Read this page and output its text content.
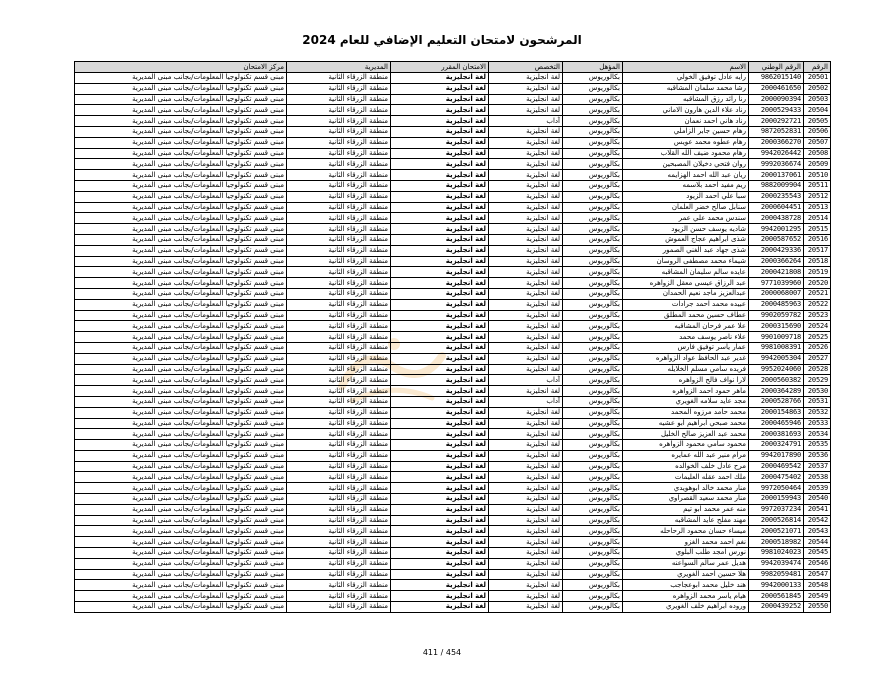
المرشحون لامتحان التعليم الإضافي للعام 2024
الرقم	الرقم الوطني	الاسم	المؤهل	التخصص	الامتحان المقرر	المديرية	مركز الامتحان
20501	9862015140	رايه عادل توفيق الخولي	بكالوريوس	لغة انجليزية	لغة انجليزية	منطقة الزرقاء الثانية	مبنى قسم تكنولوجيا المعلومات/بجانب مبنى المديرية
20502	2000461650	رشا محمد سلمان المشاقبه	بكالوريوس	لغة انجليزية	لغة انجليزية	منطقة الزرقاء الثانية	مبنى قسم تكنولوجيا المعلومات/بجانب مبنى المديرية
20503	2000090394	رنا رائد رزق المشاقبه	بكالوريوس	لغة انجليزية	لغة انجليزية	منطقة الزرقاء الثانية	مبنى قسم تكنولوجيا المعلومات/بجانب مبنى المديرية
20504	2000529433	رناد علاء الدين هارون الاماني	بكالوريوس	لغة انجليزية	لغة انجليزية	منطقة الزرقاء الثانية	مبنى قسم تكنولوجيا المعلومات/بجانب مبنى المديرية
20505	2000292721	رناد هاني احمد نعمان	بكالوريوس	آداب	لغة انجليزية	منطقة الزرقاء الثانية	مبنى قسم تكنولوجيا المعلومات/بجانب مبنى المديرية
20506	9872052831	رهام حسين جابر الزاملي	بكالوريوس	لغة انجليزية	لغة انجليزية	منطقة الزرقاء الثانية	مبنى قسم تكنولوجيا المعلومات/بجانب مبنى المديرية
20507	2000366270	رهام عطوه محمد عويس	بكالوريوس	لغة انجليزية	لغة انجليزية	منطقة الزرقاء الثانية	مبنى قسم تكنولوجيا المعلومات/بجانب مبنى المديرية
20508	9942026442	رهام محمود ضيف الله القلاب	بكالوريوس	لغة انجليزية	لغة انجليزية	منطقة الزرقاء الثانية	مبنى قسم تكنولوجيا المعلومات/بجانب مبنى المديرية
20509	9992036674	روان فتحي دخيلان المصبحين	بكالوريوس	لغة انجليزية	لغة انجليزية	منطقة الزرقاء الثانية	مبنى قسم تكنولوجيا المعلومات/بجانب مبنى المديرية
20510	2000137061	ريان عبد الله احمد الهزايمه	بكالوريوس	لغة انجليزية	لغة انجليزية	منطقة الزرقاء الثانية	مبنى قسم تكنولوجيا المعلومات/بجانب مبنى المديرية
20511	9882009904	ريم مفيد احمد بلاسمه	بكالوريوس	لغة انجليزية	لغة انجليزية	منطقة الزرقاء الثانية	مبنى قسم تكنولوجيا المعلومات/بجانب مبنى المديرية
20512	2000235543	سبا علي احمد الزيود	بكالوريوس	لغة انجليزية	لغة انجليزية	منطقة الزرقاء الثانية	مبنى قسم تكنولوجيا المعلومات/بجانب مبنى المديرية
20513	2000604451	سنابل صالح خضر العلمان	بكالوريوس	لغة انجليزية	لغة انجليزية	منطقة الزرقاء الثانية	مبنى قسم تكنولوجيا المعلومات/بجانب مبنى المديرية
20514	2000438728	سندس محمد علي عمر	بكالوريوس	لغة انجليزية	لغة انجليزية	منطقة الزرقاء الثانية	مبنى قسم تكنولوجيا المعلومات/بجانب مبنى المديرية
20515	9942001295	شاديه يوسف حسن الزيود	بكالوريوس	لغة انجليزية	لغة انجليزية	منطقة الزرقاء الثانية	مبنى قسم تكنولوجيا المعلومات/بجانب مبنى المديرية
20516	2000587652	شذى ابراهيم عجاج العموش	بكالوريوس	لغة انجليزية	لغة انجليزية	منطقة الزرقاء الثانية	مبنى قسم تكنولوجيا المعلومات/بجانب مبنى المديرية
20517	2000429336	شذى جهاد عبد الغني الصمور	بكالوريوس	لغة انجليزية	لغة انجليزية	منطقة الزرقاء الثانية	مبنى قسم تكنولوجيا المعلومات/بجانب مبنى المديرية
20518	2000366264	شيماء محمد مصطفى الروسان	بكالوريوس	لغة انجليزية	لغة انجليزية	منطقة الزرقاء الثانية	مبنى قسم تكنولوجيا المعلومات/بجانب مبنى المديرية
20519	2000421808	عايده سالم سليمان المشاقبه	بكالوريوس	لغة انجليزية	لغة انجليزية	منطقة الزرقاء الثانية	مبنى قسم تكنولوجيا المعلومات/بجانب مبنى المديرية
20520	9771039960	عبد الرزاق عيسى معقل الزواهره	بكالوريوس	لغة انجليزية	لغة انجليزية	منطقة الزرقاء الثانية	مبنى قسم تكنولوجيا المعلومات/بجانب مبنى المديرية
20521	2000068007	عبدالعزيز ماجد نعيم الحمدان	بكالوريوس	لغة انجليزية	لغة انجليزية	منطقة الزرقاء الثانية	مبنى قسم تكنولوجيا المعلومات/بجانب مبنى المديرية
20522	2000485963	عبيده محمد احمد جرادات	بكالوريوس	لغة انجليزية	لغة انجليزية	منطقة الزرقاء الثانية	مبنى قسم تكنولوجيا المعلومات/بجانب مبنى المديرية
20523	9902059782	عطاف حسين محمد المطلق	بكالوريوس	لغة انجليزية	لغة انجليزية	منطقة الزرقاء الثانية	مبنى قسم تكنولوجيا المعلومات/بجانب مبنى المديرية
20524	2000315690	علا عمر فرحان المشاقبه	بكالوريوس	لغة انجليزية	لغة انجليزية	منطقة الزرقاء الثانية	مبنى قسم تكنولوجيا المعلومات/بجانب مبنى المديرية
20525	9901009718	علاء ناصر يوسف محمد	بكالوريوس	لغة انجليزية	لغة انجليزية	منطقة الزرقاء الثانية	مبنى قسم تكنولوجيا المعلومات/بجانب مبنى المديرية
20526	9981008391	عمار ياسر توفيق فارس	بكالوريوس	لغة انجليزية	لغة انجليزية	منطقة الزرقاء الثانية	مبنى قسم تكنولوجيا المعلومات/بجانب مبنى المديرية
20527	9942005304	غدير عبد الحافظ عواد الزواهره	بكالوريوس	لغة انجليزية	لغة انجليزية	منطقة الزرقاء الثانية	مبنى قسم تكنولوجيا المعلومات/بجانب مبنى المديرية
20528	9952024060	فريده سامي مسلم الخلايله	بكالوريوس	لغة انجليزية	لغة انجليزية	منطقة الزرقاء الثانية	مبنى قسم تكنولوجيا المعلومات/بجانب مبنى المديرية
20529	2000560382	لارا نواف فالح الزواهره	بكالوريوس	آداب	لغة انجليزية	منطقة الزرقاء الثانية	مبنى قسم تكنولوجيا المعلومات/بجانب مبنى المديرية
20530	2000364289	ماهر حمود احمد الزواهره	بكالوريوس	لغة انجليزية	لغة انجليزية	منطقة الزرقاء الثانية	مبنى قسم تكنولوجيا المعلومات/بجانب مبنى المديرية
20531	2000528766	مجد عايد سلامه الغويري	بكالوريوس	آداب	لغة انجليزية	منطقة الزرقاء الثانية	مبنى قسم تكنولوجيا المعلومات/بجانب مبنى المديرية
20532	2000154863	محمد حامد مرزوه المحمد	بكالوريوس	لغة انجليزية	لغة انجليزية	منطقة الزرقاء الثانية	مبنى قسم تكنولوجيا المعلومات/بجانب مبنى المديرية
20533	2000465946	محمد صبحي ابراهيم ابو عشيه	بكالوريوس	لغة انجليزية	لغة انجليزية	منطقة الزرقاء الثانية	مبنى قسم تكنولوجيا المعلومات/بجانب مبنى المديرية
20534	2000381693	محمد عبد العزيز صالح الخليل	بكالوريوس	لغة انجليزية	لغة انجليزية	منطقة الزرقاء الثانية	مبنى قسم تكنولوجيا المعلومات/بجانب مبنى المديرية
20535	2000324791	محمود سامي محمود الزواهره	بكالوريوس	لغة انجليزية	لغة انجليزية	منطقة الزرقاء الثانية	مبنى قسم تكنولوجيا المعلومات/بجانب مبنى المديرية
20536	9942017890	مرام منير عبد الله عمايره	بكالوريوس	لغة انجليزية	لغة انجليزية	منطقة الزرقاء الثانية	مبنى قسم تكنولوجيا المعلومات/بجانب مبنى المديرية
20537	2000469542	مرح عادل خلف الخوالده	بكالوريوس	لغة انجليزية	لغة انجليزية	منطقة الزرقاء الثانية	مبنى قسم تكنولوجيا المعلومات/بجانب مبنى المديرية
20538	2000475402	ملك احمد عقله العليمات	بكالوريوس	لغة انجليزية	لغة انجليزية	منطقة الزرقاء الثانية	مبنى قسم تكنولوجيا المعلومات/بجانب مبنى المديرية
20539	9972050464	منار محمد خالد ابوهويدي	بكالوريوس	لغة انجليزية	لغة انجليزية	منطقة الزرقاء الثانية	مبنى قسم تكنولوجيا المعلومات/بجانب مبنى المديرية
20540	2000159943	منار محمد سعيد القصراوي	بكالوريوس	لغة انجليزية	لغة انجليزية	منطقة الزرقاء الثانية	مبنى قسم تكنولوجيا المعلومات/بجانب مبنى المديرية
20541	9972037234	منه عمر محمد ابو تيم	بكالوريوس	لغة انجليزية	لغة انجليزية	منطقة الزرقاء الثانية	مبنى قسم تكنولوجيا المعلومات/بجانب مبنى المديرية
20542	2000526814	مهند مفلح عايد المشاقبه	بكالوريوس	لغة انجليزية	لغة انجليزية	منطقة الزرقاء الثانية	مبنى قسم تكنولوجيا المعلومات/بجانب مبنى المديرية
20543	2000521071	ميساء حسان محمود الرحاحله	بكالوريوس	لغة انجليزية	لغة انجليزية	منطقة الزرقاء الثانية	مبنى قسم تكنولوجيا المعلومات/بجانب مبنى المديرية
20544	2000518982	نغم احمد محمد الغزو	بكالوريوس	لغة انجليزية	لغة انجليزية	منطقة الزرقاء الثانية	مبنى قسم تكنولوجيا المعلومات/بجانب مبنى المديرية
20545	9981024023	نورس امجد طلب البلوي	بكالوريوس	لغة انجليزية	لغة انجليزية	منطقة الزرقاء الثانية	مبنى قسم تكنولوجيا المعلومات/بجانب مبنى المديرية
20546	9942039474	هديل عمر سالم السواعنه	بكالوريوس	لغة انجليزية	لغة انجليزية	منطقة الزرقاء الثانية	مبنى قسم تكنولوجيا المعلومات/بجانب مبنى المديرية
20547	9982059481	هلا حسين احمد الغويري	بكالوريوس	لغة انجليزية	لغة انجليزية	منطقة الزرقاء الثانية	مبنى قسم تكنولوجيا المعلومات/بجانب مبنى المديرية
20548	9942000133	هند خليل محمد ابوعجاجب	بكالوريوس	لغة انجليزية	لغة انجليزية	منطقة الزرقاء الثانية	مبنى قسم تكنولوجيا المعلومات/بجانب مبنى المديرية
20549	2000561845	هيام ياسر محمد الزواهره	بكالوريوس	لغة انجليزية	لغة انجليزية	منطقة الزرقاء الثانية	مبنى قسم تكنولوجيا المعلومات/بجانب مبنى المديرية
20550	2000439252	وروده ابراهيم خلف الغويري	بكالوريوس	لغة انجليزية	لغة انجليزية	منطقة الزرقاء الثانية	مبنى قسم تكنولوجيا المعلومات/بجانب مبنى المديرية
411 / 454
